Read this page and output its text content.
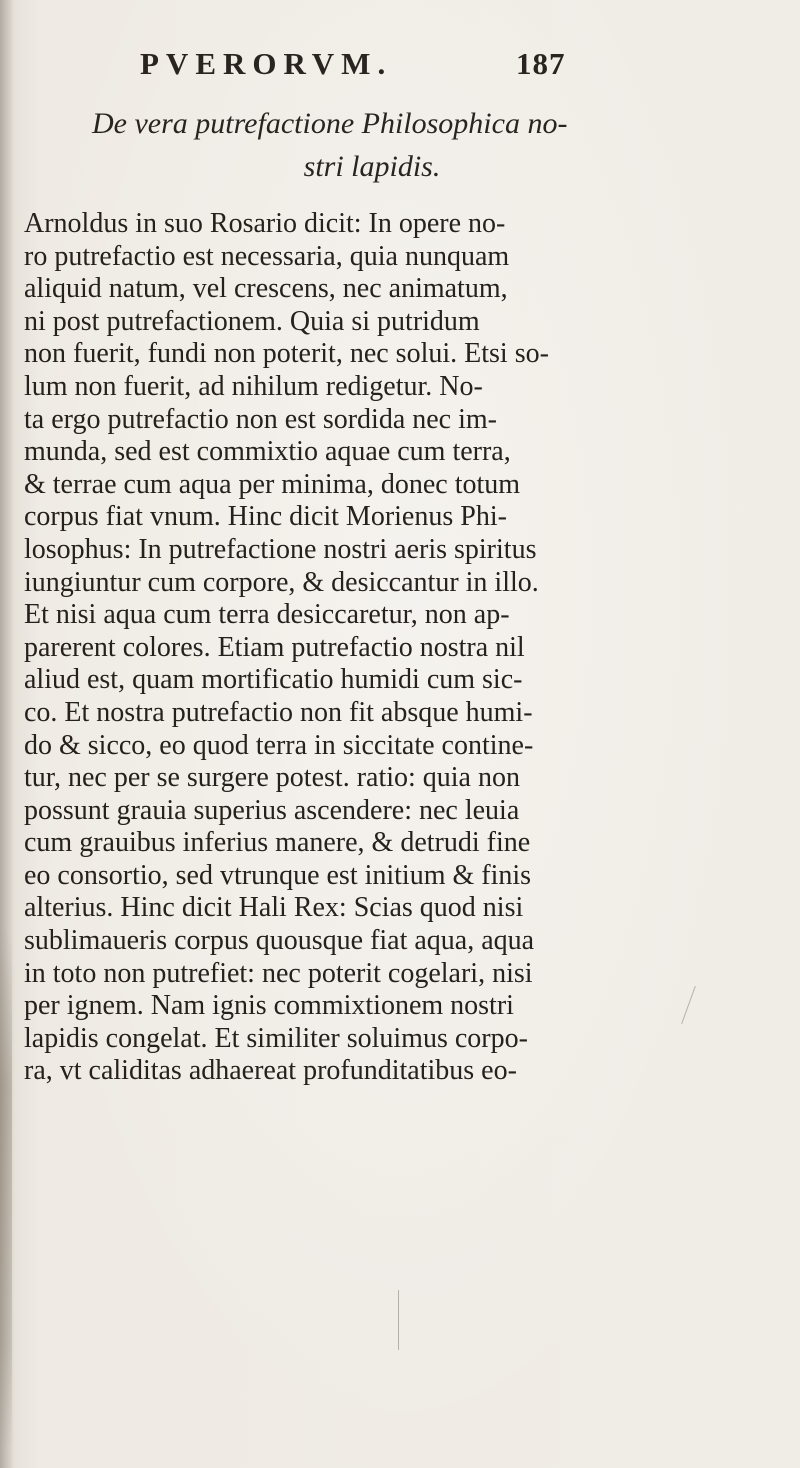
PVERORVM.	187
De vera putrefactione Philosophica no-
stri lapidis.
Arnoldus in suo Rosario dicit: In opere no-
ro putrefactio est necessaria, quia nunquam
aliquid natum, vel crescens, nec animatum,
ni post putrefactionem. Quia si putridum
non fuerit, fundi non poterit, nec solui. Etsi so-
lum non fuerit, ad nihilum redigetur. No-
ta ergo putrefactio non est sordida nec im-
munda, sed est commixtio aquae cum terra,
& terrae cum aqua per minima, donec totum
corpus fiat vnum. Hinc dicit Morienus Phi-
losophus: In putrefactione nostri aeris spiritus
iungiuntur cum corpore, & desiccantur in illo.
Et nisi aqua cum terra desiccaretur, non ap-
parerent colores. Etiam putrefactio nostra nil
aliud est, quam mortificatio humidi cum sic-
co. Et nostra putrefactio non fit absque humi-
do & sicco, eo quod terra in siccitate contine-
tur, nec per se surgere potest. ratio: quia non
possunt grauia superius ascendere: nec leuia
cum grauibus inferius manere, & detrudi fine
eo consortio, sed vtrunque est initium & finis
alterius. Hinc dicit Hali Rex: Scias quod nisi
sublimaueris corpus quousque fiat aqua, aqua
in toto non putrefiet: nec poterit cogelari, nisi
per ignem. Nam ignis commixtionem nostri
lapidis congelat. Et similiter soluimus corpo-
ra, vt caliditas adhaereat profunditatibus eo-
